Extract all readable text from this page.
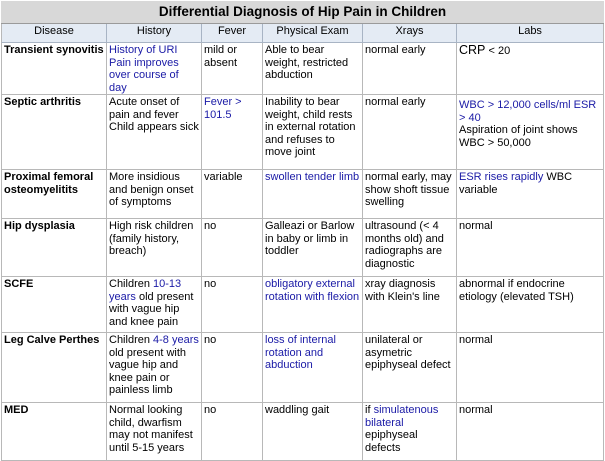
Differential Diagnosis of Hip Pain in Children					
Disease	History	Fever	Physical Exam	Xrays	Labs
Transient synovitis	History of URI Pain improves over course of day	mild or absent	Able to bear weight, restricted abduction	normal early	CRP < 20
Septic arthritis	Acute onset of pain and fever Child appears sick	Fever > 101.5	Inability to bear weight, child rests in external rotation and refuses to move joint	normal early	WBC > 12,000 cells/ml ESR > 40
Aspiration of joint shows WBC > 50,000
Proximal femoral osteomyelitits	More insidious and benign onset of symptoms	variable	swollen tender limb	normal early, may show shoft tissue swelling	ESR rises rapidly WBC variable
Hip dysplasia	High risk children (family history, breach)	no	Galleazi or Barlow in baby or limb in toddler	ultrasound (< 4 months old) and radiographs are diagnostic	normal
SCFE	Children 10-13 years old present with vague hip and knee pain	no	obligatory external rotation with flexion	xray diagnosis with Klein's line	abnormal if endocrine etiology (elevated TSH)
Leg Calve Perthes	Children 4-8 years old present with vague hip and knee pain or painless limb	no	loss of internal rotation and abduction	unilateral or asymetric epiphyseal defect	normal
MED	Normal looking child, dwarfism may not manifest until 5-15 years	no	waddling gait	if simulatenous bilateral epiphyseal defects	normal
